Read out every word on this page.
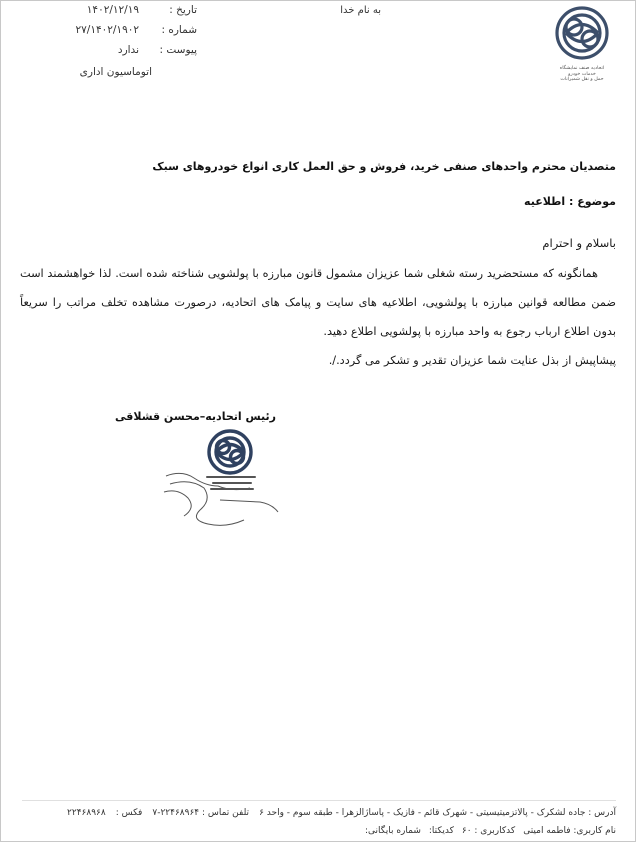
به نام خدا
تاریخ :۱۴۰۲/۱۲/۱۹
شماره :۲۷/۱۴۰۲/۱۹۰۲
پیوست :ندارد
اتوماسیون اداری	اتحادیه صنف نمایشگاه
خدمات خودرو
حمل و نقل شمیرانات
متصدیان محترم واحدهای صنفی خرید، فروش و حق العمل کاری انواع خودروهای سبک
موضوع : اطلاعیه
باسلام و احترام

همانگونه که مستحضرید رسته شغلی شما عزیزان مشمول قانون مبارزه با پولشویی شناخته شده است. لذا خواهشمند است ضمن مطالعه قوانین مبارزه با پولشویی، اطلاعیه های سایت و پیامک های اتحادیه، درصورت مشاهده تخلف مراتب را سریعاً بدون اطلاع ارباب رجوع به واحد مبارزه با پولشویی اطلاع دهید.

پیشاپیش از بذل عنایت شما عزیزان تقدیر و تشکر می گردد./.

رئیس اتحادیه–محسن قشلاقی
آدرس : جاده لشکرک - پالاتزمیتیسیتی - شهرک قائم - فازیک - پاساژالزهرا - طبقه سوم - واحد ۶تلفن تماس : ۲۲۴۶۸۹۶۴-۷فکس :۲۲۴۶۸۹۶۸
نام کاربری: فاطمه امیتیکدکاربری : ۶۰کدیکتا:شماره بایگانی:
